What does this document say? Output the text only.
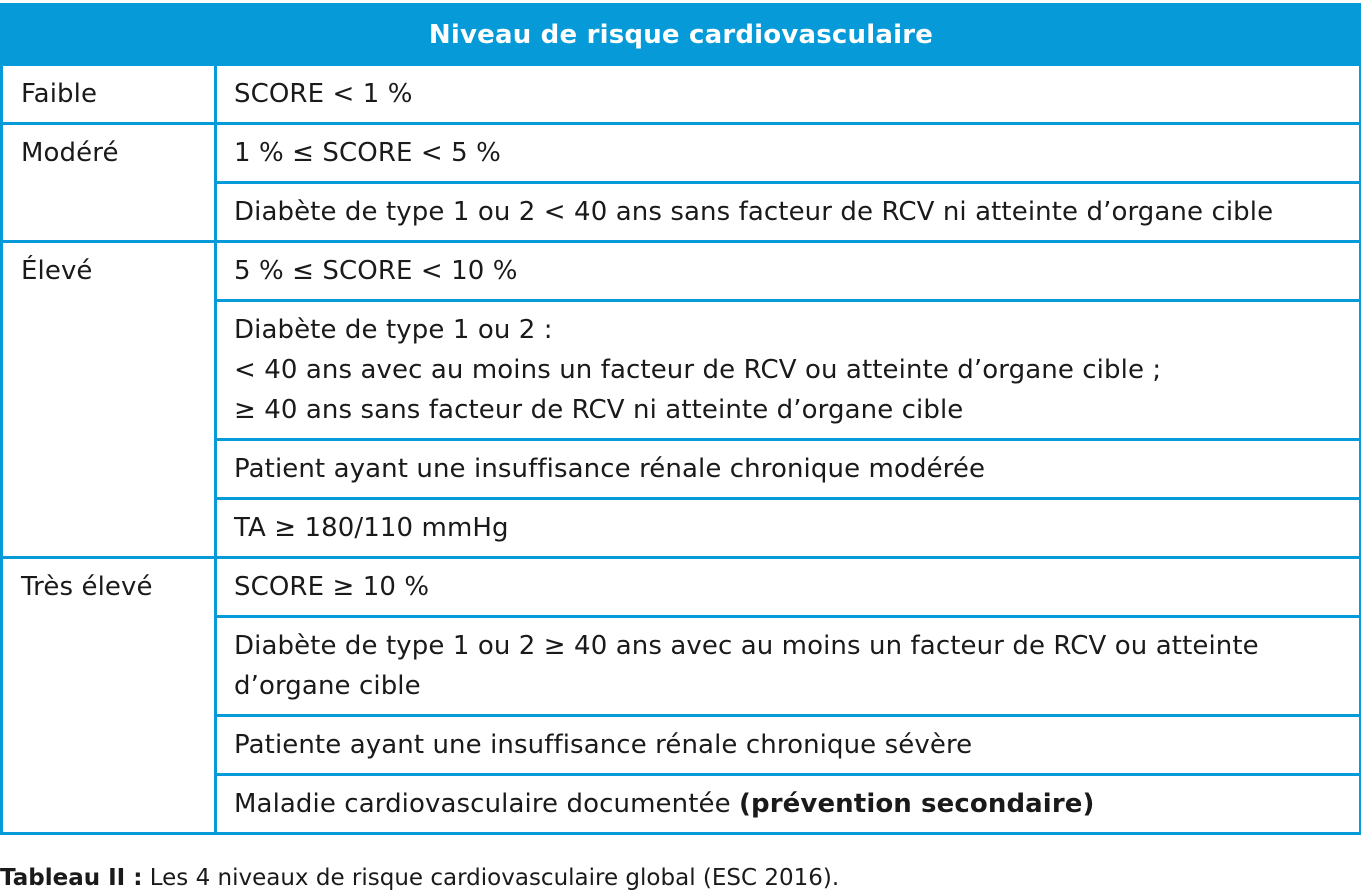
Niveau de risque cardiovasculaire	
Faible	SCORE < 1 %
Modéré	1 % ≤ SCORE < 5 %
	Diabète de type 1 ou 2 < 40 ans sans facteur de RCV ni atteinte d’organe cible
Élevé	5 % ≤ SCORE < 10 %

	Diabète de type 1 ou 2 :
< 40 ans avec au moins un facteur de RCV ou atteinte d’organe cible ;
≥ 40 ans sans facteur de RCV ni atteinte d’organe cible

	Patient ayant une insuffisance rénale chronique modérée
	TA ≥ 180/110 mmHg
Très élevé	SCORE ≥ 10 %

	Diabète de type 1 ou 2 ≥ 40 ans avec au moins un facteur de RCV ou atteinte
d’organe cible

	Patiente ayant une insuffisance rénale chronique sévère
	Maladie cardiovasculaire documentée (prévention secondaire)
Tableau II : Les 4 niveaux de risque cardiovasculaire global (ESC 2016).
